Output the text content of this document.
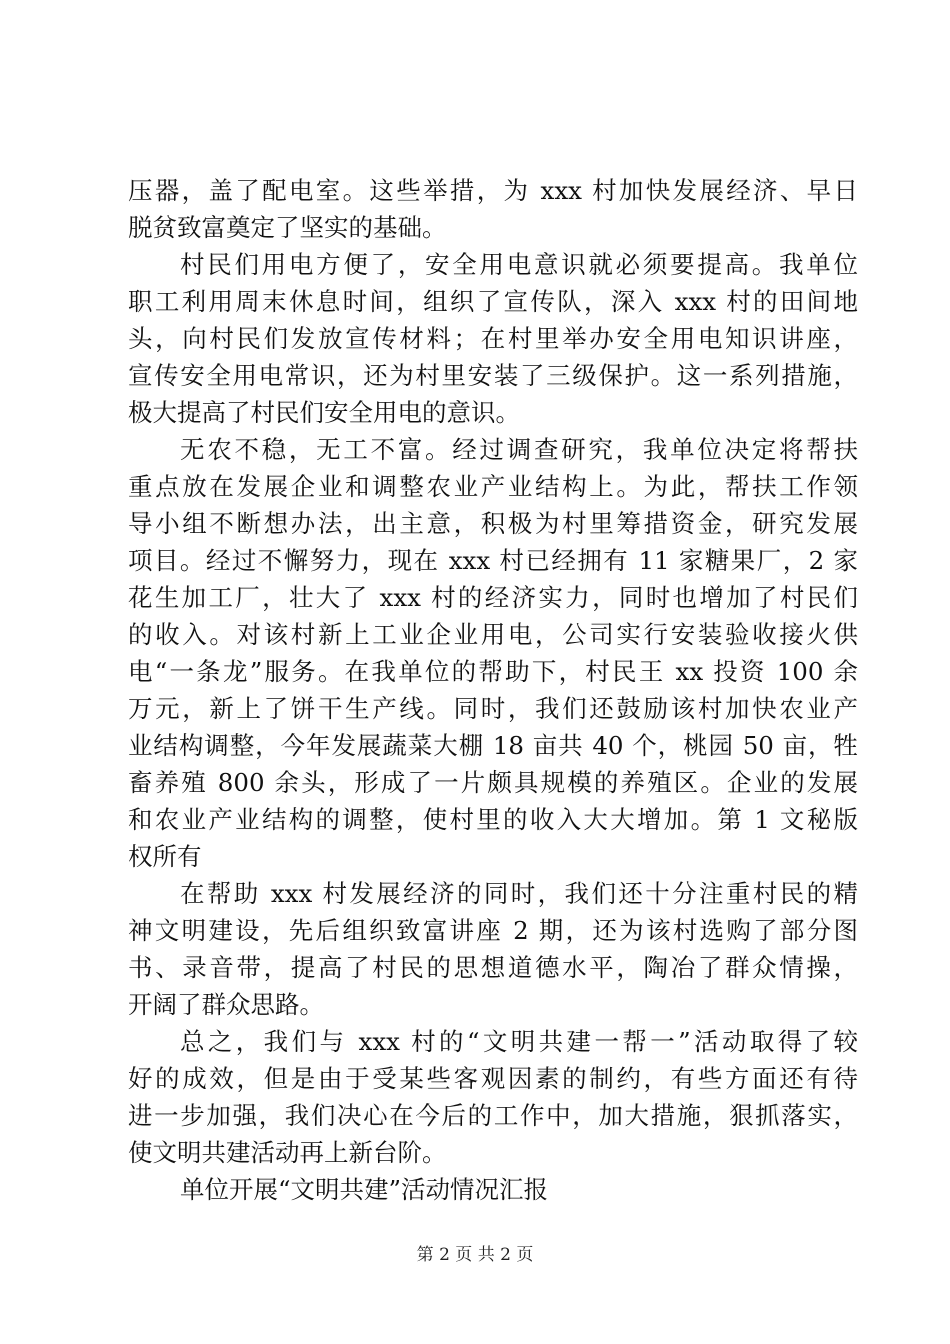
压器，盖了配电室。这些举措，为 xxx 村加快发展经济、早日
脱贫致富奠定了坚实的基础。
村民们用电方便了，安全用电意识就必须要提高。我单位
职工利用周末休息时间，组织了宣传队，深入 xxx 村的田间地
头，向村民们发放宣传材料；在村里举办安全用电知识讲座，
宣传安全用电常识，还为村里安装了三级保护。这一系列措施，
极大提高了村民们安全用电的意识。
无农不稳，无工不富。经过调查研究，我单位决定将帮扶
重点放在发展企业和调整农业产业结构上。为此，帮扶工作领
导小组不断想办法，出主意，积极为村里筹措资金，研究发展
项目。经过不懈努力，现在 xxx 村已经拥有 11 家糖果厂，2 家
花生加工厂，壮大了 xxx 村的经济实力，同时也增加了村民们
的收入。对该村新上工业企业用电，公司实行安装验收接火供
电“一条龙”服务。在我单位的帮助下，村民王 xx 投资 100 余
万元，新上了饼干生产线。同时，我们还鼓励该村加快农业产
业结构调整，今年发展蔬菜大棚 18 亩共 40 个，桃园 50 亩，牲
畜养殖 800 余头，形成了一片颇具规模的养殖区。企业的发展
和农业产业结构的调整，使村里的收入大大增加。第 1 文秘版
权所有
在帮助 xxx 村发展经济的同时，我们还十分注重村民的精
神文明建设，先后组织致富讲座 2 期，还为该村选购了部分图
书、录音带，提高了村民的思想道德水平，陶冶了群众情操，
开阔了群众思路。
总之，我们与 xxx 村的“文明共建一帮一”活动取得了较
好的成效，但是由于受某些客观因素的制约，有些方面还有待
进一步加强，我们决心在今后的工作中，加大措施，狠抓落实，
使文明共建活动再上新台阶。
单位开展“文明共建”活动情况汇报
第 2 页 共 2 页
